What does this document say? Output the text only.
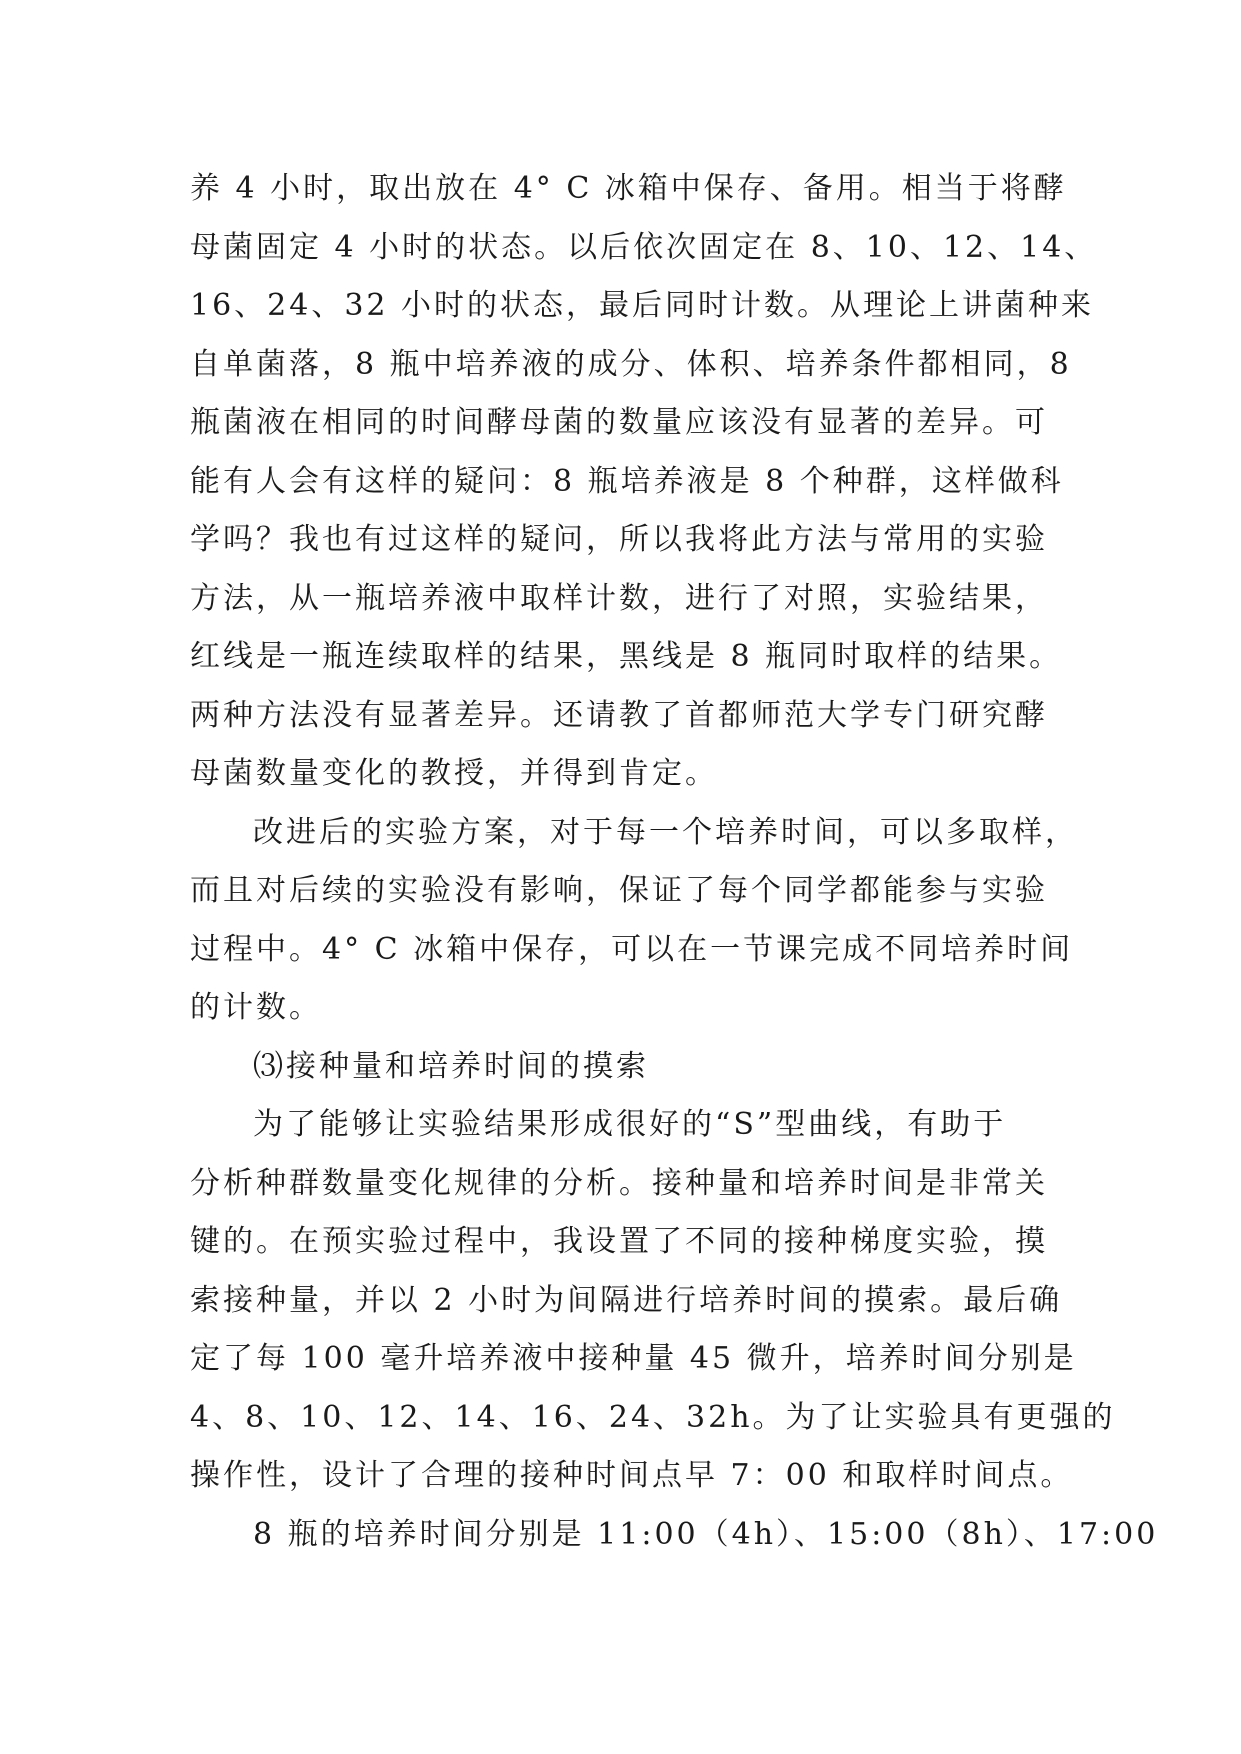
养 4 小时，取出放在 4° C 冰箱中保存、备用。相当于将酵
母菌固定 4 小时的状态。以后依次固定在 8、10、12、14、
16、24、32 小时的状态，最后同时计数。从理论上讲菌种来
自单菌落，8 瓶中培养液的成分、体积、培养条件都相同，8
瓶菌液在相同的时间酵母菌的数量应该没有显著的差异。可
能有人会有这样的疑问：8 瓶培养液是 8 个种群，这样做科
学吗？我也有过这样的疑问，所以我将此方法与常用的实验
方法，从一瓶培养液中取样计数，进行了对照，实验结果，
红线是一瓶连续取样的结果，黑线是 8 瓶同时取样的结果。
两种方法没有显著差异。还请教了首都师范大学专门研究酵
母菌数量变化的教授，并得到肯定。
改进后的实验方案，对于每一个培养时间，可以多取样，
而且对后续的实验没有影响，保证了每个同学都能参与实验
过程中。4° C 冰箱中保存，可以在一节课完成不同培养时间
的计数。
⑶接种量和培养时间的摸索
为了能够让实验结果形成很好的“S”型曲线，有助于
分析种群数量变化规律的分析。接种量和培养时间是非常关
键的。在预实验过程中，我设置了不同的接种梯度实验，摸
索接种量，并以 2 小时为间隔进行培养时间的摸索。最后确
定了每 100 毫升培养液中接种量 45 微升，培养时间分别是
4、8、10、12、14、16、24、32h。为了让实验具有更强的
操作性，设计了合理的接种时间点早 7：00 和取样时间点。
8 瓶的培养时间分别是 11:00（4h）、15:00（8h）、17:00
